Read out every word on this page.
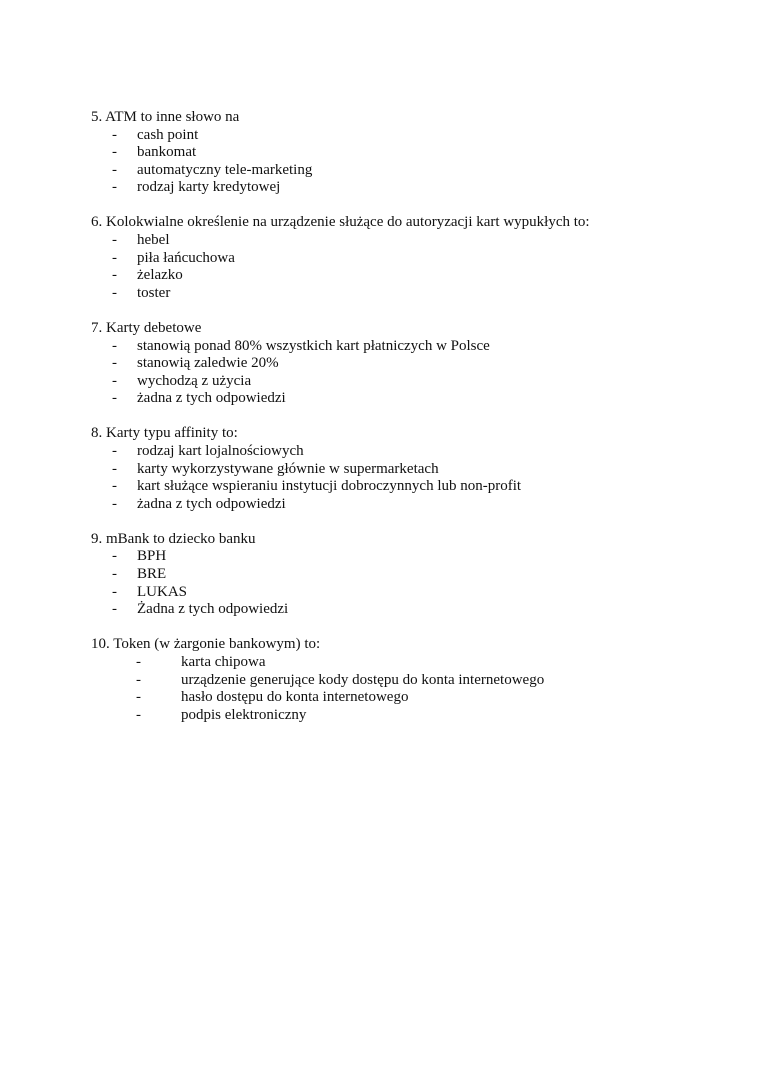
5. ATM to inne słowo na
-	cash point
-	bankomat
-	automatyczny tele-marketing
-	rodzaj karty kredytowej
6. Kolokwialne określenie na urządzenie służące do autoryzacji kart wypukłych to:
-	hebel
-	piła łańcuchowa
-	żelazko
-	toster
7. Karty debetowe
-	stanowią ponad 80% wszystkich kart płatniczych w Polsce
-	stanowią zaledwie 20%
-	wychodzą z użycia
-	żadna z tych odpowiedzi
8. Karty typu affinity to:
-	rodzaj kart lojalnościowych
-	karty wykorzystywane głównie w supermarketach
-	kart służące wspieraniu instytucji dobroczynnych lub non-profit
-	żadna z tych odpowiedzi
9. mBank to dziecko banku
-	BPH
-	BRE
-	LUKAS
-	Żadna z tych odpowiedzi
10. Token (w żargonie bankowym) to:
-	karta chipowa
-	urządzenie generujące kody dostępu do konta internetowego
-	hasło dostępu do konta internetowego
-	podpis elektroniczny
